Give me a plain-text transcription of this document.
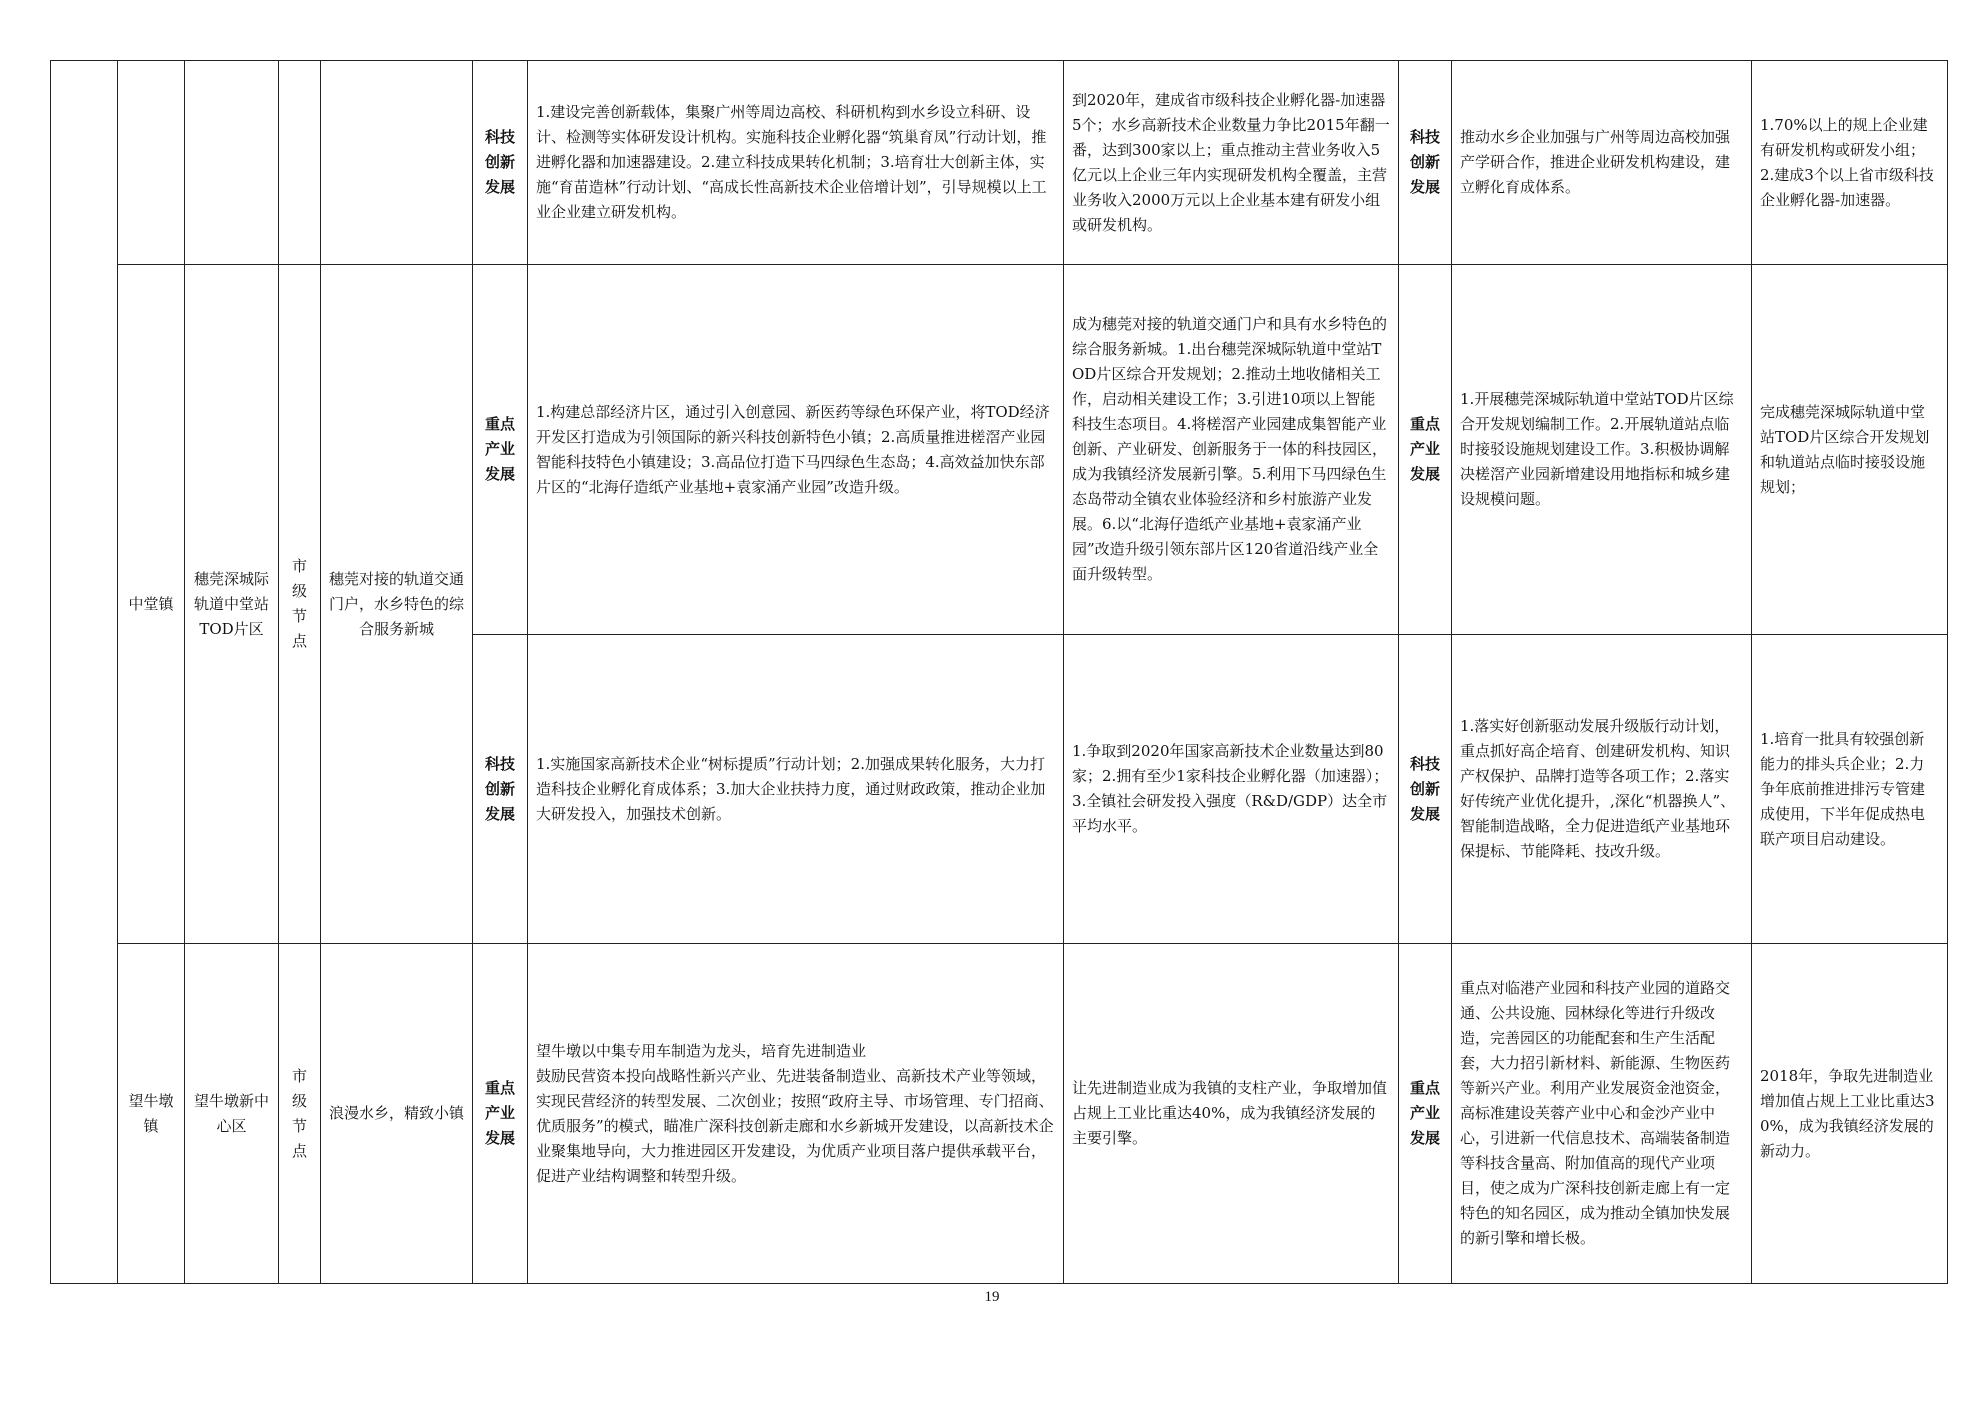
					科技创新发展	1.建设完善创新载体，集聚广州等周边高校、科研机构到水乡设立科研、设计、检测等实体研发设计机构。实施科技企业孵化器“筑巢育凤”行动计划，推进孵化器和加速器建设。2.建立科技成果转化机制；3.培育壮大创新主体，实施“育苗造林”行动计划、“高成长性高新技术企业倍增计划”，引导规模以上工业企业建立研发机构。	到2020年，建成省市级科技企业孵化器-加速器5个；水乡高新技术企业数量力争比2015年翻一番，达到300家以上；重点推动主营业务收入5亿元以上企业三年内实现研发机构全覆盖，主营业务收入2000万元以上企业基本建有研发小组或研发机构。	科技创新发展	推动水乡企业加强与广州等周边高校加强产学研合作，推进企业研发机构建设，建立孵化育成体系。	1.70%以上的规上企业建有研发机构或研发小组；2.建成3个以上省市级科技企业孵化器-加速器。
	中堂镇	穗莞深城际轨道中堂站TOD片区	市级节点	穗莞对接的轨道交通门户，水乡特色的综合服务新城	重点产业发展	1.构建总部经济片区，通过引入创意园、新医药等绿色环保产业，将TOD经济开发区打造成为引领国际的新兴科技创新特色小镇；2.高质量推进槎滘产业园智能科技特色小镇建设；3.高品位打造下马四绿色生态岛；4.高效益加快东部片区的“北海仔造纸产业基地+袁家涌产业园”改造升级。	成为穗莞对接的轨道交通门户和具有水乡特色的综合服务新城。1.出台穗莞深城际轨道中堂站TOD片区综合开发规划；2.推动土地收储相关工作，启动相关建设工作；3.引进10项以上智能科技生态项目。4.将槎滘产业园建成集智能产业创新、产业研发、创新服务于一体的科技园区，成为我镇经济发展新引擎。5.利用下马四绿色生态岛带动全镇农业体验经济和乡村旅游产业发展。6.以“北海仔造纸产业基地+袁家涌产业园”改造升级引领东部片区120省道沿线产业全面升级转型。	重点产业发展	1.开展穗莞深城际轨道中堂站TOD片区综合开发规划编制工作。2.开展轨道站点临时接驳设施规划建设工作。3.积极协调解决槎滘产业园新增建设用地指标和城乡建设规模问题。	完成穗莞深城际轨道中堂站TOD片区综合开发规划和轨道站点临时接驳设施规划；

					科技创新发展	1.实施国家高新技术企业“树标提质”行动计划；2.加强成果转化服务，大力打造科技企业孵化育成体系；3.加大企业扶持力度，通过财政政策，推动企业加大研发投入，加强技术创新。	1.争取到2020年国家高新技术企业数量达到80家；2.拥有至少1家科技企业孵化器（加速器）；3.全镇社会研发投入强度（R&D/GDP）达全市平均水平。	科技创新发展	1.落实好创新驱动发展升级版行动计划，重点抓好高企培育、创建研发机构、知识产权保护、品牌打造等各项工作；2.落实好传统产业优化提升，,深化“机器换人”、智能制造战略，全力促进造纸产业基地环保提标、节能降耗、技改升级。	1.培育一批具有较强创新能力的排头兵企业；2.力争年底前推进排污专管建成使用，下半年促成热电联产项目启动建设。
	望牛墩镇	望牛墩新中心区	市级节点	浪漫水乡，精致小镇	重点产业发展	望牛墩以中集专用车制造为龙头，培育先进制造业
鼓励民营资本投向战略性新兴产业、先进装备制造业、高新技术产业等领域，实现民营经济的转型发展、二次创业；按照“政府主导、市场管理、专门招商、优质服务”的模式，瞄准广深科技创新走廊和水乡新城开发建设，以高新技术企业聚集地导向，大力推进园区开发建设，为优质产业项目落户提供承载平台，促进产业结构调整和转型升级。	让先进制造业成为我镇的支柱产业，争取增加值占规上工业比重达40%，成为我镇经济发展的主要引擎。	重点产业发展	重点对临港产业园和科技产业园的道路交通、公共设施、园林绿化等进行升级改造，完善园区的功能配套和生产生活配套，大力招引新材料、新能源、生物医药等新兴产业。利用产业发展资金池资金，高标准建设芙蓉产业中心和金沙产业中心，引进新一代信息技术、高端装备制造等科技含量高、附加值高的现代产业项目，使之成为广深科技创新走廊上有一定特色的知名园区，成为推动全镇加快发展的新引擎和增长极。	2018年，争取先进制造业增加值占规上工业比重达30%，成为我镇经济发展的新动力。
19
